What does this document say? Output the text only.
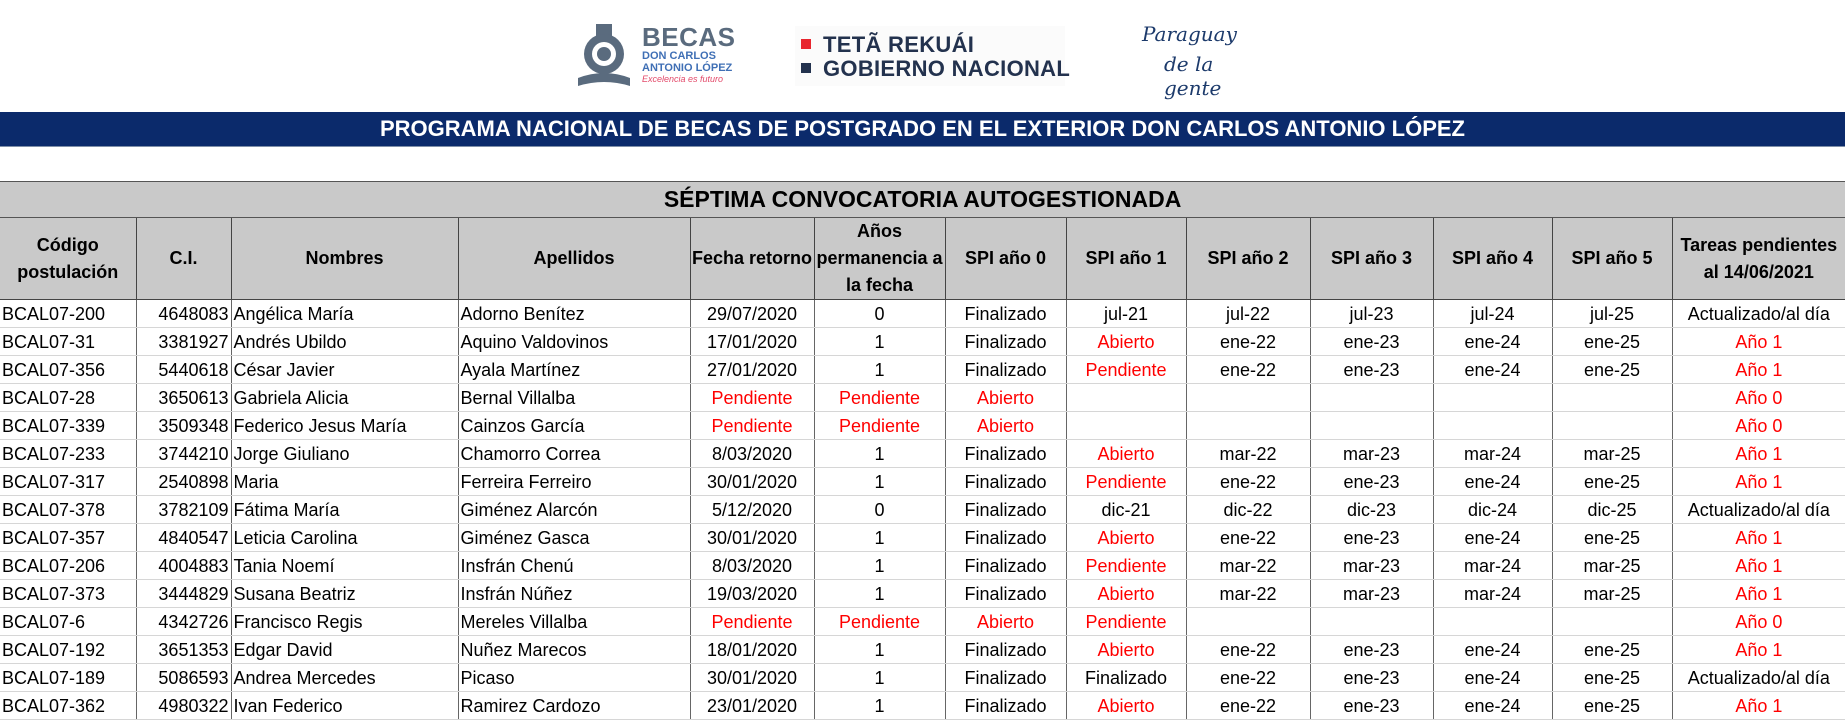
BECAS
DON CARLOS
ANTONIO LÓPEZ
Excelencia es futuro
TETÃ REKUÁI
GOBIERNO NACIONAL
Paraguay
de la gente
PROGRAMA NACIONAL DE BECAS DE POSTGRADO EN EL EXTERIOR DON CARLOS ANTONIO LÓPEZ
SÉPTIMA CONVOCATORIA AUTOGESTIONADA												
Código postulación	C.I.	Nombres	Apellidos	Fecha retorno	Años permanencia a la fecha	SPI año 0	SPI año 1	SPI año 2	SPI año 3	SPI año 4	SPI año 5	Tareas pendientes al 14/06/2021
BCAL07-200	4648083	Angélica María	Adorno Benítez	29/07/2020	0	Finalizado	jul-21	jul-22	jul-23	jul-24	jul-25	Actualizado/al día
BCAL07-31	3381927	Andrés Ubildo	Aquino Valdovinos	17/01/2020	1	Finalizado	Abierto	ene-22	ene-23	ene-24	ene-25	Año 1
BCAL07-356	5440618	César Javier	Ayala Martínez	27/01/2020	1	Finalizado	Pendiente	ene-22	ene-23	ene-24	ene-25	Año 1
BCAL07-28	3650613	Gabriela Alicia	Bernal Villalba	Pendiente	Pendiente	Abierto						Año 0
BCAL07-339	3509348	Federico Jesus María	Cainzos García	Pendiente	Pendiente	Abierto						Año 0
BCAL07-233	3744210	Jorge Giuliano	Chamorro Correa	8/03/2020	1	Finalizado	Abierto	mar-22	mar-23	mar-24	mar-25	Año 1
BCAL07-317	2540898	Maria	Ferreira Ferreiro	30/01/2020	1	Finalizado	Pendiente	ene-22	ene-23	ene-24	ene-25	Año 1
BCAL07-378	3782109	Fátima María	Giménez Alarcón	5/12/2020	0	Finalizado	dic-21	dic-22	dic-23	dic-24	dic-25	Actualizado/al día
BCAL07-357	4840547	Leticia Carolina	Giménez Gasca	30/01/2020	1	Finalizado	Abierto	ene-22	ene-23	ene-24	ene-25	Año 1
BCAL07-206	4004883	Tania Noemí	Insfrán Chenú	8/03/2020	1	Finalizado	Pendiente	mar-22	mar-23	mar-24	mar-25	Año 1
BCAL07-373	3444829	Susana Beatriz	Insfrán Núñez	19/03/2020	1	Finalizado	Abierto	mar-22	mar-23	mar-24	mar-25	Año 1
BCAL07-6	4342726	Francisco Regis	Mereles Villalba	Pendiente	Pendiente	Abierto	Pendiente					Año 0
BCAL07-192	3651353	Edgar David	Nuñez Marecos	18/01/2020	1	Finalizado	Abierto	ene-22	ene-23	ene-24	ene-25	Año 1
BCAL07-189	5086593	Andrea Mercedes	Picaso	30/01/2020	1	Finalizado	Finalizado	ene-22	ene-23	ene-24	ene-25	Actualizado/al día
BCAL07-362	4980322	Ivan Federico	Ramirez Cardozo	23/01/2020	1	Finalizado	Abierto	ene-22	ene-23	ene-24	ene-25	Año 1
